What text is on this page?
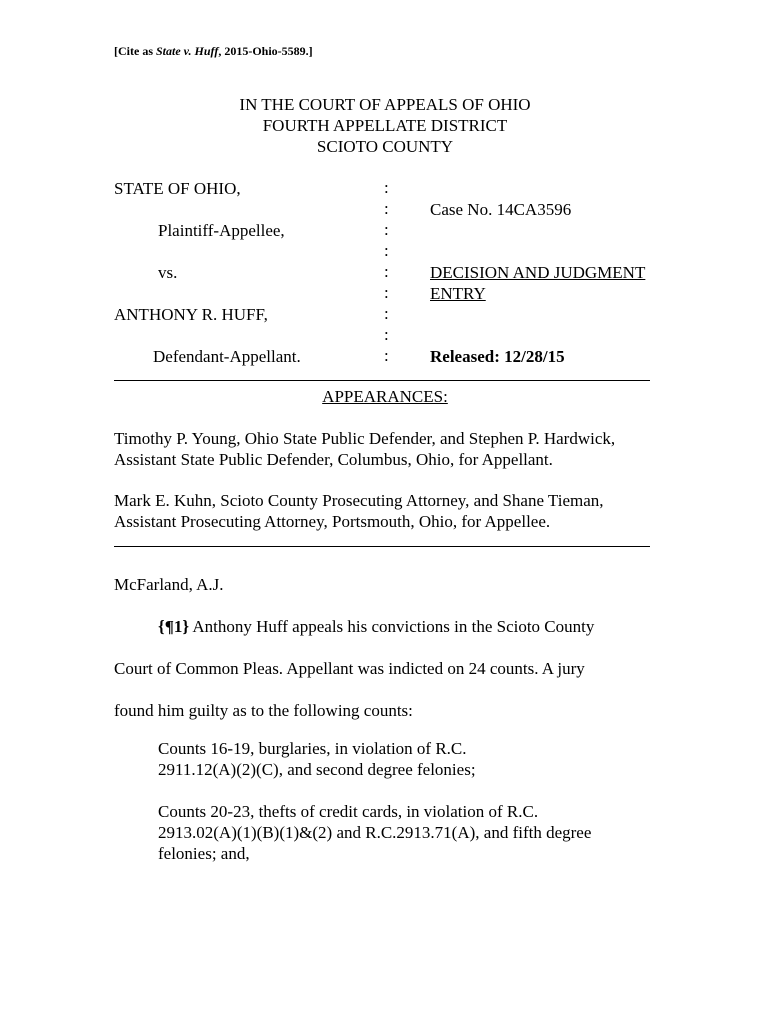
[Cite as State v. Huff, 2015-Ohio-5589.]
IN THE COURT OF APPEALS OF OHIO
FOURTH APPELLATE DISTRICT
SCIOTO COUNTY
STATE OF OHIO,
Plaintiff-Appellee,
vs.
ANTHONY R. HUFF,
Defendant-Appellant.
:
:
:
:
:
:
:
:
:
Case No. 14CA3596
DECISION AND JUDGMENT
ENTRY
Released: 12/28/15
APPEARANCES:
Timothy P. Young, Ohio State Public Defender, and Stephen P. Hardwick,
Assistant State Public Defender, Columbus, Ohio, for Appellant.
Mark E. Kuhn, Scioto County Prosecuting Attorney, and Shane Tieman,
Assistant Prosecuting Attorney, Portsmouth, Ohio, for Appellee.
McFarland, A.J.
{¶1} Anthony Huff appeals his convictions in the Scioto County
Court of Common Pleas. Appellant was indicted on 24 counts. A jury
found him guilty as to the following counts:
Counts 16-19, burglaries, in violation of R.C.
2911.12(A)(2)(C), and second degree felonies;
Counts 20-23, thefts of credit cards, in violation of R.C.
2913.02(A)(1)(B)(1)&(2) and R.C.2913.71(A), and fifth degree
felonies; and,
